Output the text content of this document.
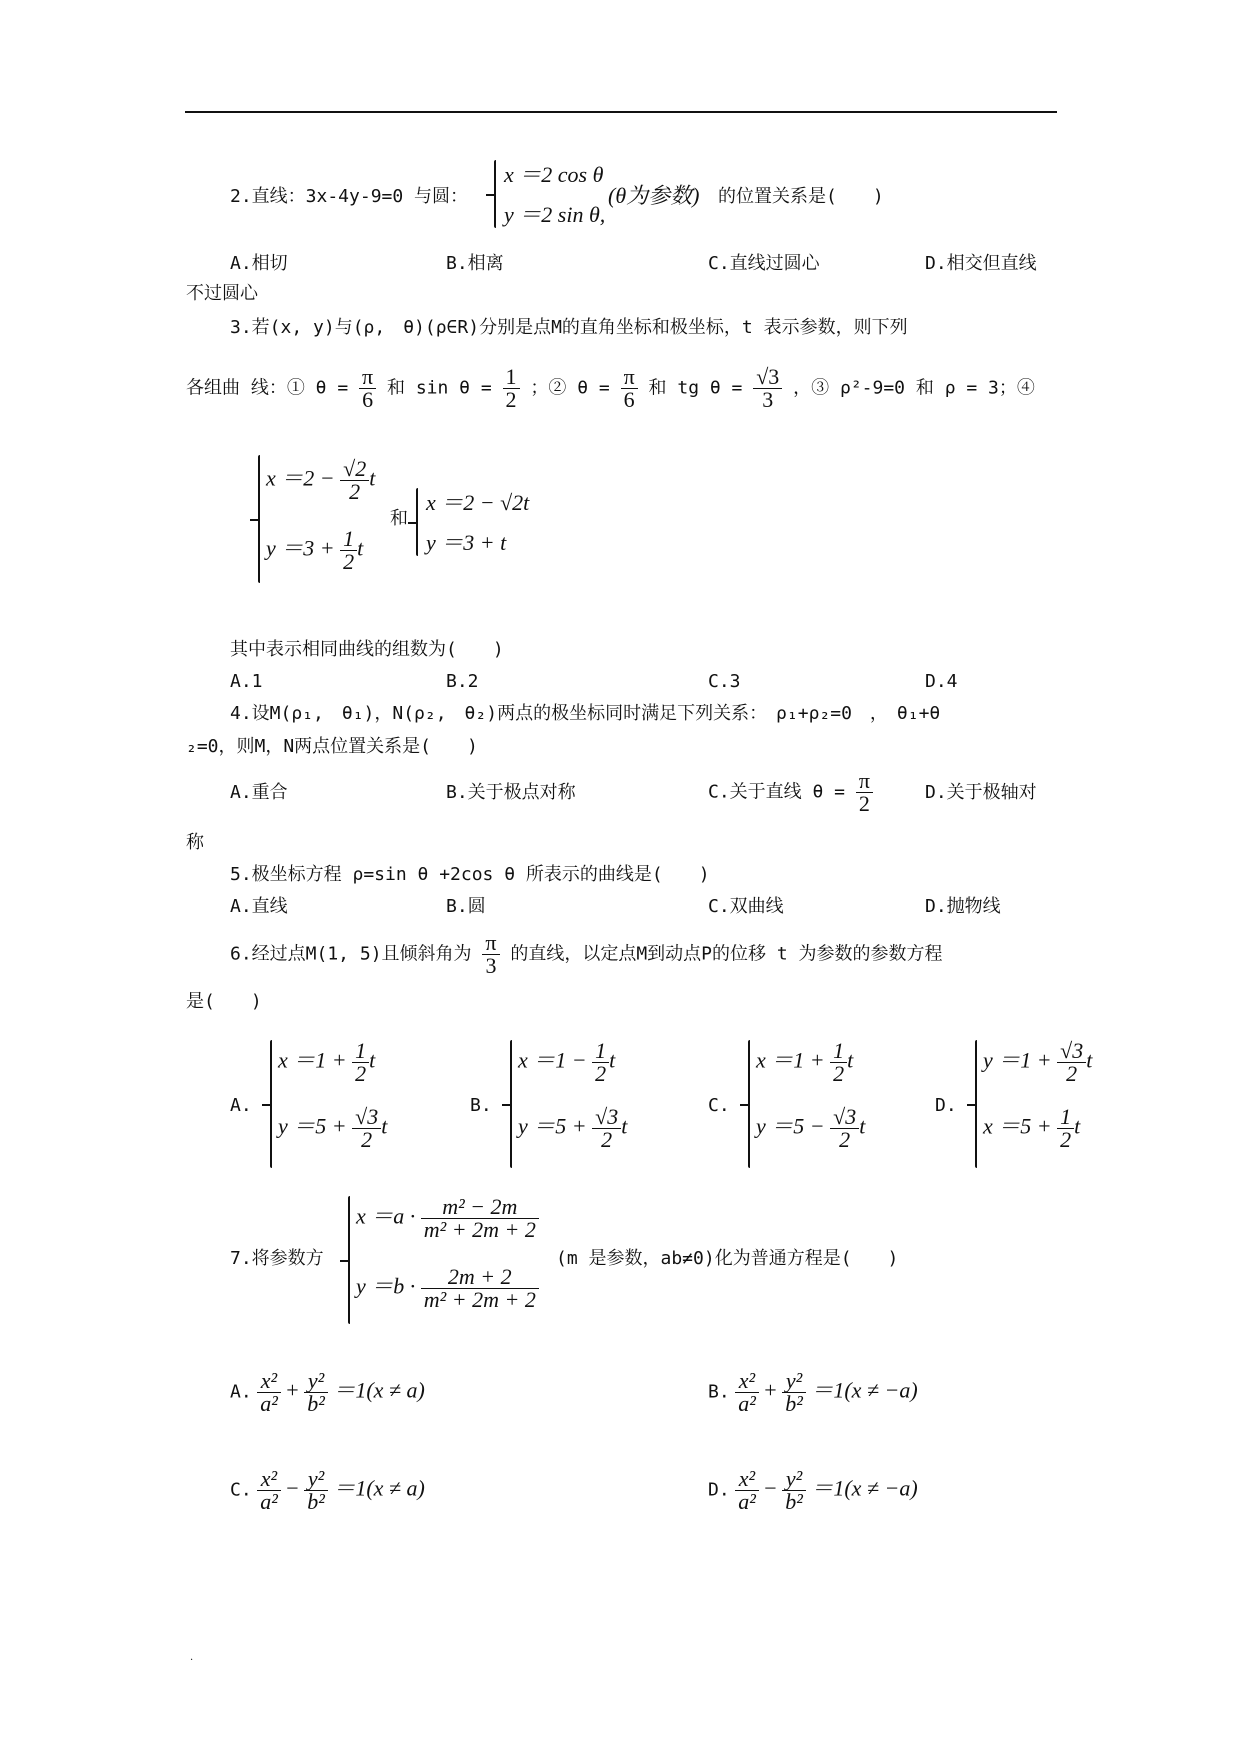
2.直线：3x-4y-9=0 与圆：
x ＝2 cos θ
y ＝2 sin θ,
(θ为参数) 的位置关系是(　　)
A.相切	B.相离	C.直线过圆心	D.相交但直线
不过圆心
3.若(x, y)与(ρ,　θ)(ρ∈R)分别是点M的直角坐标和极坐标，t 表示参数，则下列
各组曲 线：① $\theta = \frac{\pi}{6}$ 和 $\sin \theta = \frac{1}{2}$ ；② $\theta = \frac{\pi}{6}$ 和 tg $\theta = \frac{√3}{3}$ ，③ ρ²-9=0 和 ρ = 3；④
$x =2 - \frac{√2}{2}$ t
$y =3 + \frac{1}{2}$ t
和
x ＝2 − √2t
y ＝3 + t
其中表示相同曲线的组数为(　　)
A.1	B.2	C.3	D.4
4.设M(ρ₁,　θ₁)，N(ρ₂,　θ₂)两点的极坐标同时满足下列关系：　ρ₁+ρ₂=0　，　θ₁+θ
₂=0，则M，N两点位置关系是(　　)
A.重合	B.关于极点对称	C.关于直线 $\theta = \frac{\pi}{2}$	D.关于极轴对
称
5.极坐标方程 ρ=sin θ +2cos θ 所表示的曲线是(　　)
A.直线	B.圆	C.双曲线	D.抛物线
6.经过点M(1, 5)且倾斜角为 $\frac{\pi}{3}$ 的直线，以定点M到动点P的位移 t 为参数的参数方程
是(　　)
A.
$x =1 + \frac{1}{2}$ t
$y =5 + \frac{√3}{2}$ t
B.
$x =1 - \frac{1}{2}$ t
$y =5 + \frac{√3}{2}$ t
C.
$x =1 + \frac{1}{2}$ t
$y =5 - \frac{√3}{2}$ t
D.
$y =1 + \frac{√3}{2}$ t
$x =5 + \frac{1}{2}$ t
7.将参数方
$x =a \cdot \frac{\text{m² − 2m}}{\text{m² + 2m + 2}}$
$y =b \cdot \frac{2m + 2}{\text{m² + 2m + 2}}$
(m 是参数，ab≠0)化为普通方程是(　　)
A. $\frac{\text{x²}}{\text{a²}} + \frac{\text{y²}}{\text{b²}} =1(x \ne a)$	B. $\frac{\text{x²}}{\text{a²}} + \frac{\text{y²}}{\text{b²}} =1(x \ne -a)$
C. $\frac{\text{x²}}{\text{a²}} - \frac{\text{y²}}{\text{b²}} =1(x \ne a)$	D. $\frac{\text{x²}}{\text{a²}} - \frac{\text{y²}}{\text{b²}} =1(x \ne -a)$
.
